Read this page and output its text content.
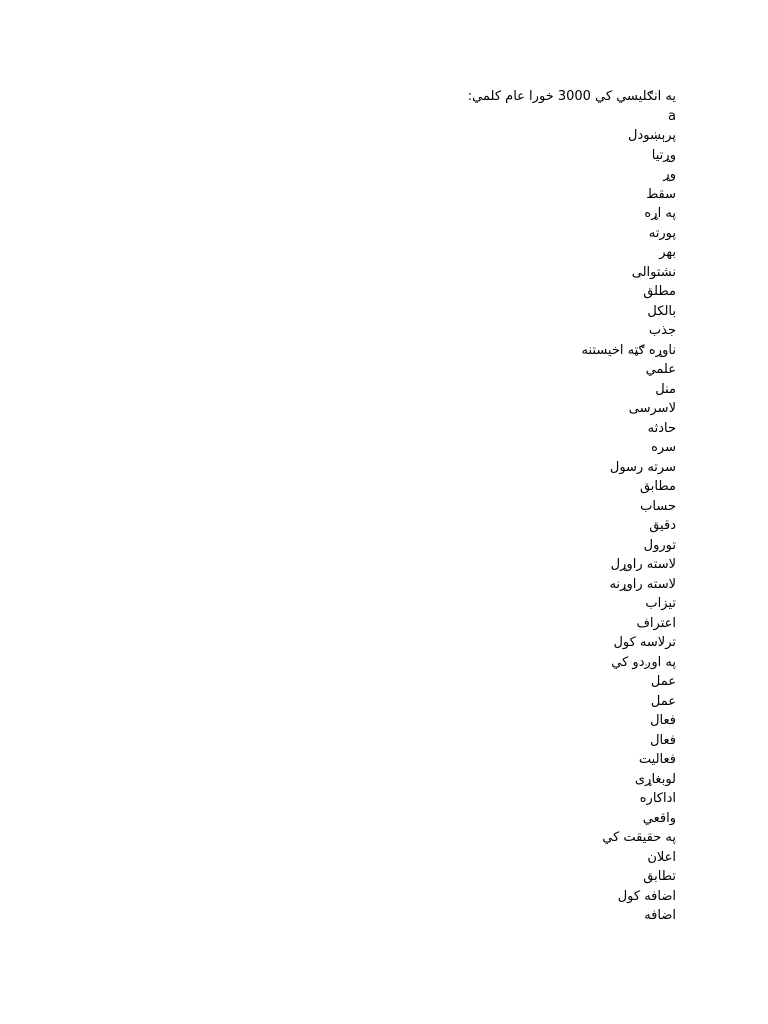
یه انګلیسي کي 3000 خورا عام کلمي:

a

پرېښودل

وړتیا

وړ

سقط

په اړه

پورته

بهر

نشتوالی

مطلق

بالکل

جذب

ناوړه ګټه اخیستنه

علمي

منل

لاسرسی

حادثه

سره

سرته رسول

مطابق

حساب

دقیق

تورول

لاسته راوړل

لاسته راوړنه

تیزاب

اعتراف

ترلاسه کول

په اوږدو کي

عمل

عمل

فعال

فعال

فعالیت

لوبغاړی

اداکاره

واقعي

په حقیقت کي

اعلان

تطابق

اضافه کول

اضافه
